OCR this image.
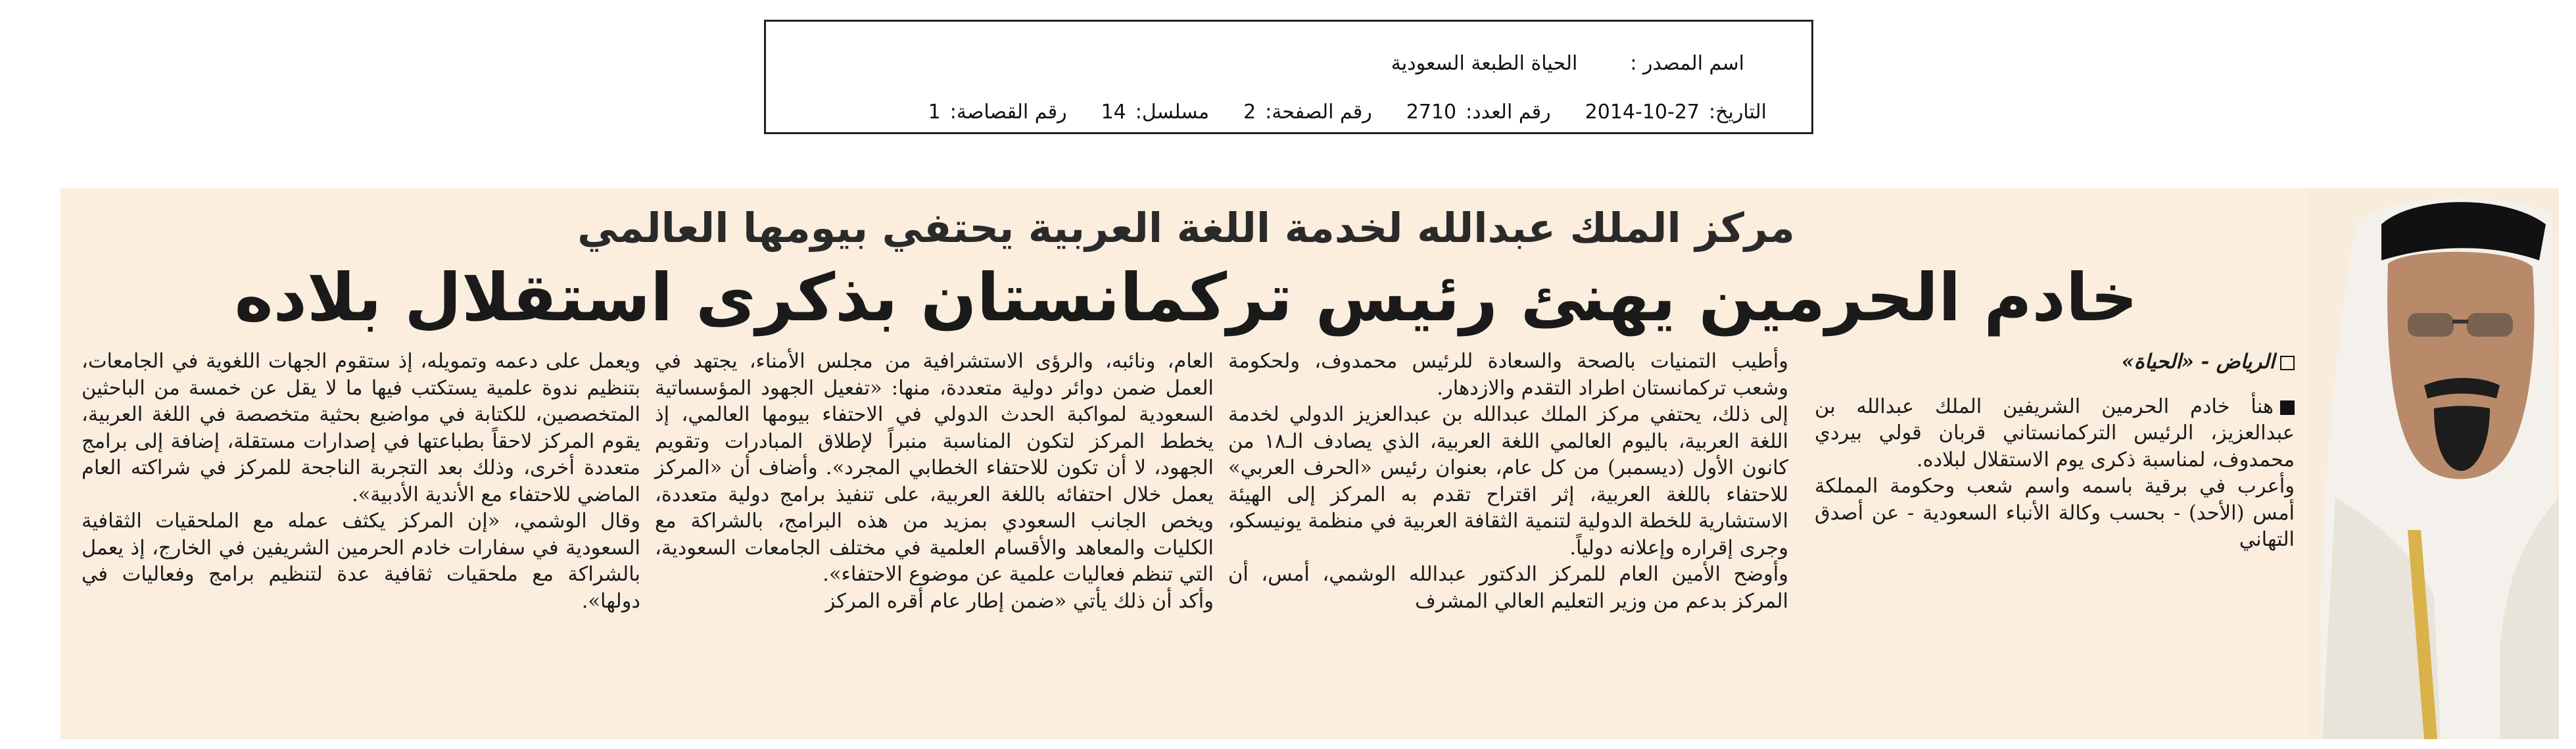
اسم المصدر :
الحياة الطبعة السعودية
التاريخ:27-10-2014
رقم العدد:2710
رقم الصفحة:2
مسلسل:14
رقم القصاصة:1
مركز الملك عبدالله لخدمة اللغة العربية يحتفي بيومها العالمي
خادم الحرمين يهنئ رئيس تركمانستان بذكرى استقلال بلاده

الرياض - «الحياة»

هنأ خادم الحرمين الشريفين الملك عبدالله بن عبدالعزيز، الرئيس التركمانستاني قربان قولي بيردي محمدوف، لمناسبة ذكرى يوم الاستقلال لبلاده.

وأعرب في برقية باسمه واسم شعب وحكومة المملكة أمس (الأحد) - بحسب وكالة الأنباء السعودية - عن أصدق التهاني

وأطيب التمنيات بالصحة والسعادة للرئيس محمدوف، ولحكومة وشعب تركمانستان اطراد التقدم والازدهار.

إلى ذلك، يحتفي مركز الملك عبدالله بن عبدالعزيز الدولي لخدمة اللغة العربية، باليوم العالمي اللغة العربية، الذي يصادف الـ١٨ من كانون الأول (ديسمبر) من كل عام، بعنوان رئيس «الحرف العربي» للاحتفاء باللغة العربية، إثر اقتراح تقدم به المركز إلى الهيئة الاستشارية للخطة الدولية لتنمية الثقافة العربية في منظمة يونيسكو، وجرى إقراره وإعلانه دولياً.

وأوضح الأمين العام للمركز الدكتور عبدالله الوشمي، أمس، أن المركز بدعم من وزير التعليم العالي المشرف

العام، ونائبه، والرؤى الاستشرافية من مجلس الأمناء، يجتهد في العمل ضمن دوائر دولية متعددة، منها: «تفعيل الجهود المؤسساتية السعودية لمواكبة الحدث الدولي في الاحتفاء بيومها العالمي، إذ يخطط المركز لتكون المناسبة منبراً لإطلاق المبادرات وتقويم الجهود، لا أن تكون للاحتفاء الخطابي المجرد». وأضاف أن «المركز يعمل خلال احتفائه باللغة العربية، على تنفيذ برامج دولية متعددة، ويخص الجانب السعودي بمزيد من هذه البرامج، بالشراكة مع الكليات والمعاهد والأقسام العلمية في مختلف الجامعات السعودية، التي تنظم فعاليات علمية عن موضوع الاحتفاء».

وأكد أن ذلك يأتي «ضمن إطار عام أقره المركز

ويعمل على دعمه وتمويله، إذ ستقوم الجهات اللغوية في الجامعات، بتنظيم ندوة علمية يستكتب فيها ما لا يقل عن خمسة من الباحثين المتخصصين، للكتابة في مواضيع بحثية متخصصة في اللغة العربية، يقوم المركز لاحقاً بطباعتها في إصدارات مستقلة، إضافة إلى برامج متعددة أخرى، وذلك بعد التجربة الناجحة للمركز في شراكته العام الماضي للاحتفاء مع الأندية الأدبية».

وقال الوشمي، «إن المركز يكثف عمله مع الملحقيات الثقافية السعودية في سفارات خادم الحرمين الشريفين في الخارج، إذ يعمل بالشراكة مع ملحقيات ثقافية عدة لتنظيم برامج وفعاليات في دولها».
